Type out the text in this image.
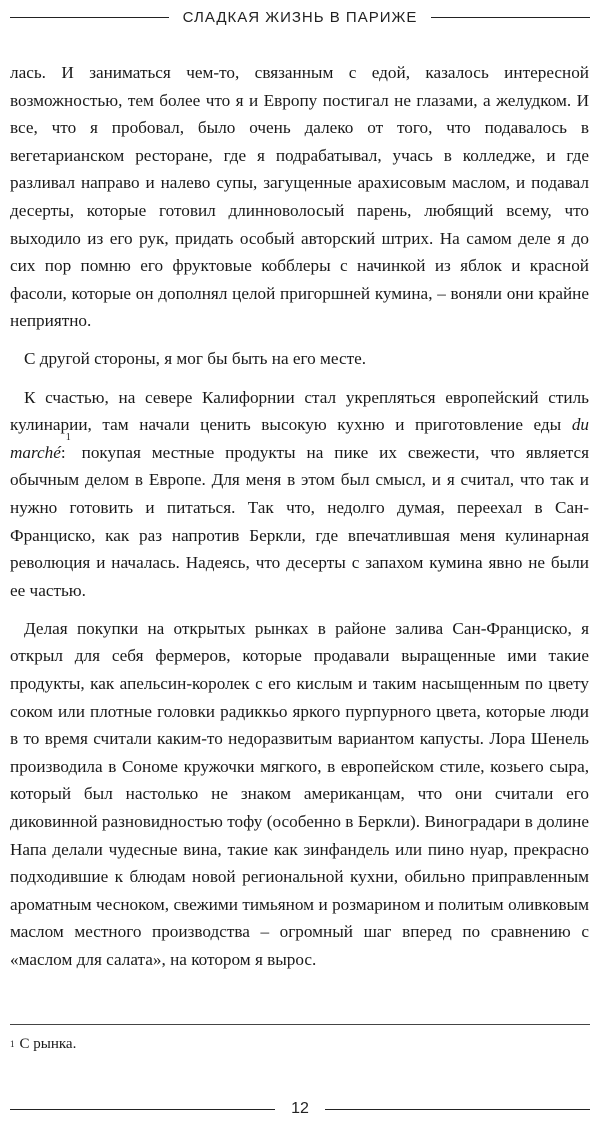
СЛАДКАЯ ЖИЗНЬ В ПАРИЖЕ

лась. И заниматься чем-то, связанным с едой, казалось интересной возможностью, тем более что я и Европу постигал не глазами, а желудком. И все, что я пробовал, было очень далеко от того, что подавалось в вегетарианском ресторане, где я подрабатывал, учась в колледже, и где разливал направо и налево супы, загущенные арахисовым маслом, и подавал десерты, которые готовил длинноволосый парень, любящий всему, что выходило из его рук, придать особый авторский штрих. На самом деле я до сих пор помню его фруктовые кобблеры с начинкой из яблок и красной фасоли, которые он дополнял целой пригоршней кумина, – воняли они крайне неприятно.

С другой стороны, я мог бы быть на его месте.

К счастью, на севере Калифорнии стал укрепляться европейский стиль кулинарии, там начали ценить высокую кухню и приготовление еды du marché:$^1$ покупая местные продукты на пике их свежести, что является обычным делом в Европе. Для меня в этом был смысл, и я считал, что так и нужно готовить и питаться. Так что, недолго думая, переехал в Сан-Франциско, как раз напротив Беркли, где впечатлившая меня кулинарная революция и началась. Надеясь, что десерты с запахом кумина явно не были ее частью.

Делая покупки на открытых рынках в районе залива Сан-Франциско, я открыл для себя фермеров, которые продавали выращенные ими такие продукты, как апельсин-королек с его кислым и таким насыщенным по цвету соком или плотные головки радиккьо яркого пурпурного цвета, которые люди в то время считали каким-то недоразвитым вариантом капусты. Лора Шенель производила в Сономе кружочки мягкого, в европейском стиле, козьего сыра, который был настолько не знаком американцам, что они считали его диковинной разновидностью тофу (особенно в Беркли). Виноградари в долине Напа делали чудесные вина, такие как зинфандель или пино нуар, прекрасно подходившие к блюдам новой региональной кухни, обильно приправленным ароматным чесноком, свежими тимьяном и розмарином и политым оливковым маслом местного производства – огромный шаг вперед по сравнению с «маслом для салата», на котором я вырос.

$^1$ С рынка.
12
